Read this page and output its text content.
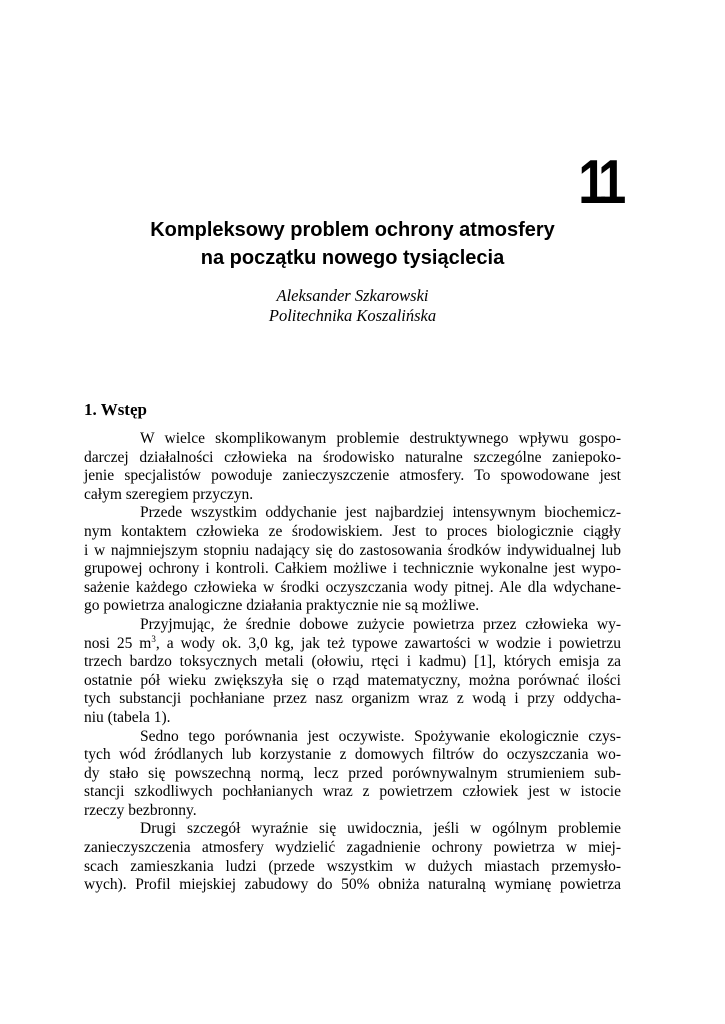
11
Kompleksowy problem ochrony atmosfery
na początku nowego tysiąclecia
Aleksander Szkarowski
Politechnika Koszalińska
1. Wstęp
W wielce skomplikowanym problemie destruktywnego wpływu gospo-
darczej działalności człowieka na środowisko naturalne szczególne zaniepoko-
jenie specjalistów powoduje zanieczyszczenie atmosfery. To spowodowane jest
całym szeregiem przyczyn.
Przede wszystkim oddychanie jest najbardziej intensywnym biochemicz-
nym kontaktem człowieka ze środowiskiem. Jest to proces biologicznie ciągły
i w najmniejszym stopniu nadający się do zastosowania środków indywidualnej lub
grupowej ochrony i kontroli. Całkiem możliwe i technicznie wykonalne jest wypo-
sażenie każdego człowieka w środki oczyszczania wody pitnej. Ale dla wdychane-
go powietrza analogiczne działania praktycznie nie są możliwe.
Przyjmując, że średnie dobowe zużycie powietrza przez człowieka wy-
nosi 25 $m^3$, a wody ok. 3,0 kg, jak też typowe zawartości w wodzie i powietrzu
trzech bardzo toksycznych metali (ołowiu, rtęci i kadmu) [1], których emisja za
ostatnie pół wieku zwiększyła się o rząd matematyczny, można porównać ilości
tych substancji pochłaniane przez nasz organizm wraz z wodą i przy oddycha-
niu (tabela 1).
Sedno tego porównania jest oczywiste. Spożywanie ekologicznie czys-
tych wód źródlanych lub korzystanie z domowych filtrów do oczyszczania wo-
dy stało się powszechną normą, lecz przed porównywalnym strumieniem sub-
stancji szkodliwych pochłanianych wraz z powietrzem człowiek jest w istocie
rzeczy bezbronny.
Drugi szczegół wyraźnie się uwidocznia, jeśli w ogólnym problemie
zanieczyszczenia atmosfery wydzielić zagadnienie ochrony powietrza w miej-
scach zamieszkania ludzi (przede wszystkim w dużych miastach przemysło-
wych). Profil miejskiej zabudowy do 50% obniża naturalną wymianę powietrza
